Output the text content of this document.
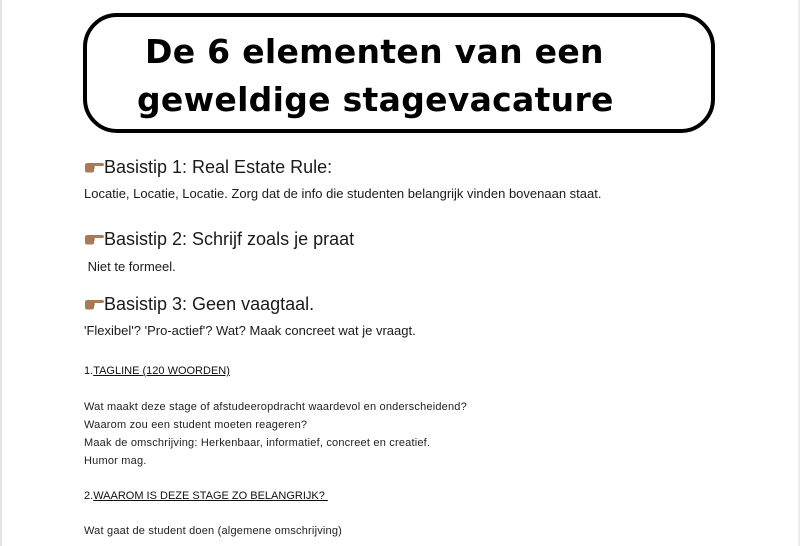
De 6 elementen van een
geweldige stagevacature
Basistip 1: Real Estate Rule:
Locatie, Locatie, Locatie. Zorg dat de info die studenten belangrijk vinden bovenaan staat.
Basistip 2: Schrijf zoals je praat
Niet te formeel.
Basistip 3: Geen vaagtaal.
'Flexibel'? 'Pro-actief'? Wat? Maak concreet wat je vraagt.
1.TAGLINE (120 WOORDEN)
Wat maakt deze stage of afstudeeropdracht waardevol en onderscheidend?
Waarom zou een student moeten reageren?
Maak de omschrijving: Herkenbaar, informatief, concreet en creatief.
Humor mag.
2.WAAROM IS DEZE STAGE ZO BELANGRIJK?
Wat gaat de student doen (algemene omschrijving)
